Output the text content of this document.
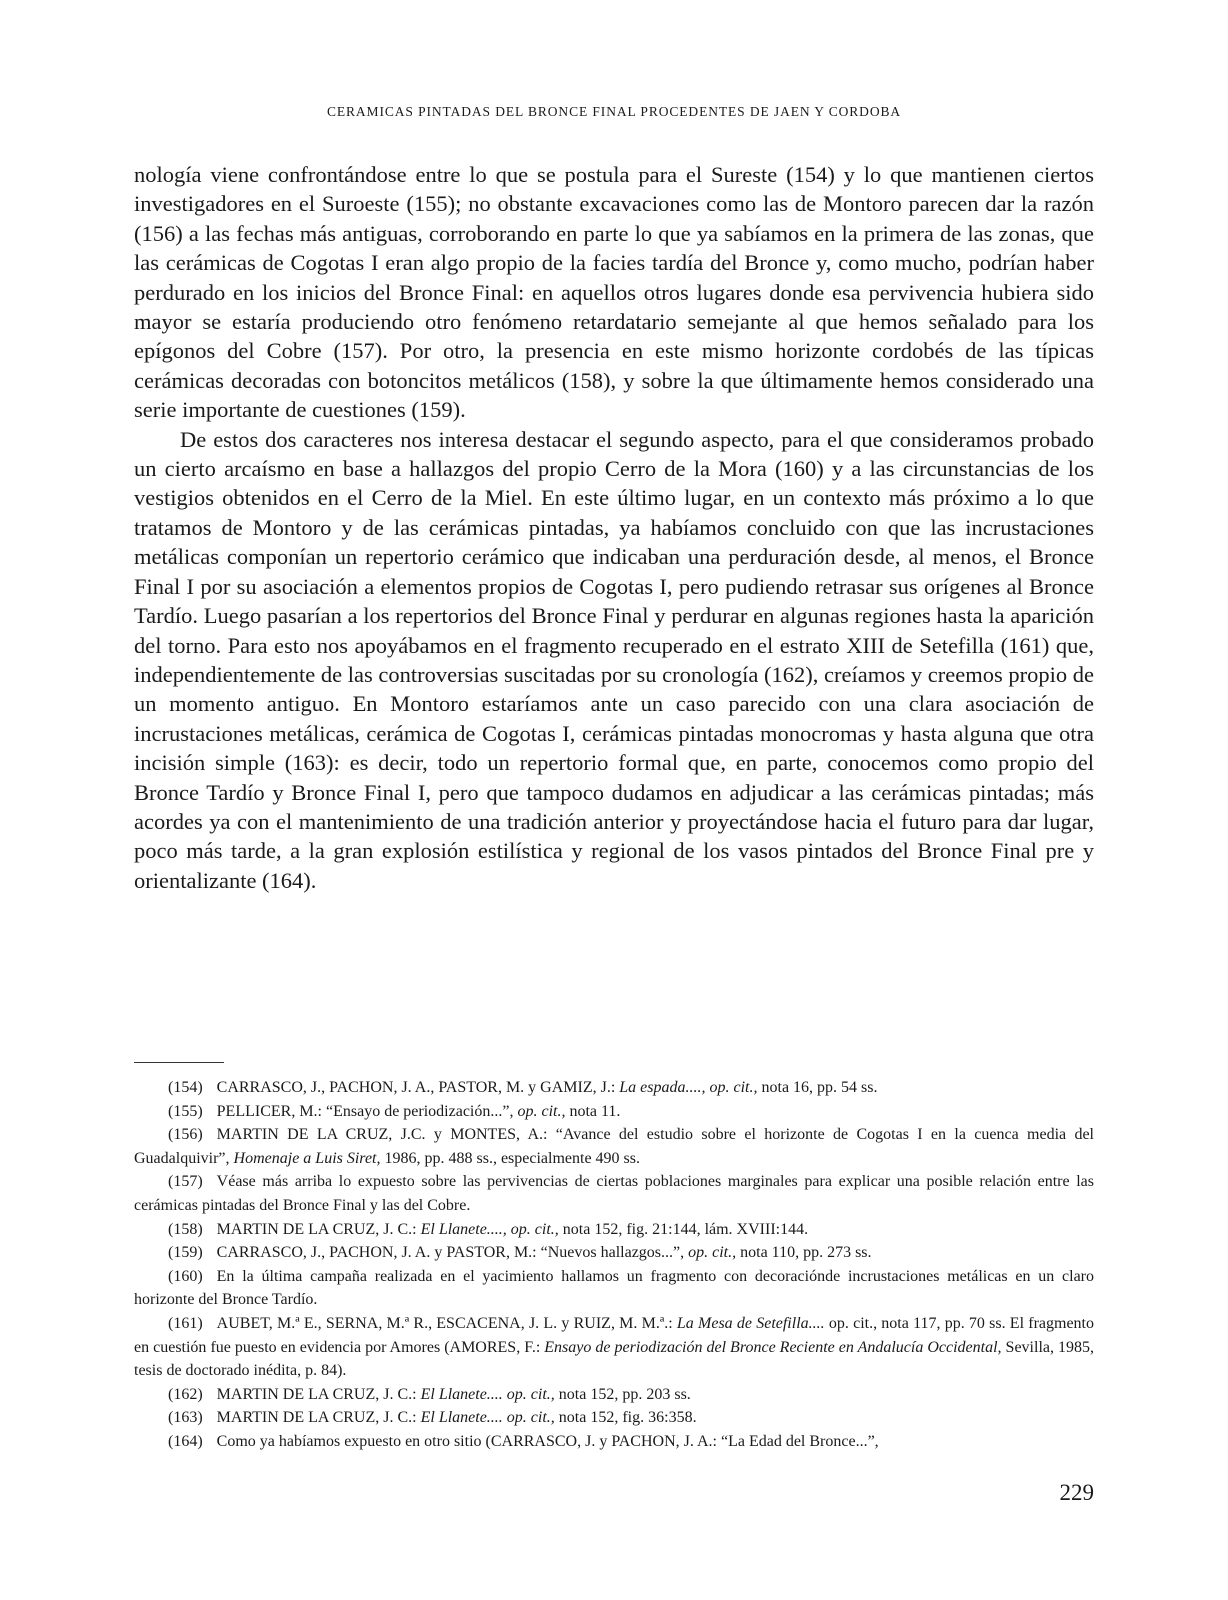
CERAMICAS PINTADAS DEL BRONCE FINAL PROCEDENTES DE JAEN Y CORDOBA

nología viene confrontándose entre lo que se postula para el Sureste (154) y lo que mantienen ciertos investigadores en el Suroeste (155); no obstante excavaciones como las de Montoro parecen dar la razón (156) a las fechas más antiguas, corroborando en parte lo que ya sabíamos en la primera de las zonas, que las cerámicas de Cogotas I eran algo propio de la facies tardía del Bronce y, como mucho, podrían haber perdurado en los inicios del Bronce Final: en aquellos otros lugares donde esa pervivencia hubiera sido mayor se estaría produciendo otro fenómeno retardatario semejante al que hemos señalado para los epígonos del Cobre (157). Por otro, la presencia en este mismo horizonte cordobés de las típicas cerámicas decoradas con botoncitos metálicos (158), y sobre la que últimamente hemos considerado una serie importante de cuestiones (159).

De estos dos caracteres nos interesa destacar el segundo aspecto, para el que consideramos probado un cierto arcaísmo en base a hallazgos del propio Cerro de la Mora (160) y a las circunstancias de los vestigios obtenidos en el Cerro de la Miel. En este último lugar, en un contexto más próximo a lo que tratamos de Montoro y de las cerámicas pintadas, ya habíamos concluido con que las incrustaciones metálicas componían un repertorio cerámico que indicaban una perduración desde, al menos, el Bronce Final I por su asociación a elementos propios de Cogotas I, pero pudiendo retrasar sus orígenes al Bronce Tardío. Luego pasarían a los repertorios del Bronce Final y perdurar en algunas regiones hasta la aparición del torno. Para esto nos apoyábamos en el fragmento recuperado en el estrato XIII de Setefilla (161) que, independientemente de las controversias suscitadas por su cronología (162), creíamos y creemos propio de un momento antiguo. En Montoro estaríamos ante un caso parecido con una clara asociación de incrustaciones metálicas, cerámica de Cogotas I, cerámicas pintadas monocromas y hasta alguna que otra incisión simple (163): es decir, todo un repertorio formal que, en parte, conocemos como propio del Bronce Tardío y Bronce Final I, pero que tampoco dudamos en adjudicar a las cerámicas pintadas; más acordes ya con el mantenimiento de una tradición anterior y proyectándose hacia el futuro para dar lugar, poco más tarde, a la gran explosión estilística y regional de los vasos pintados del Bronce Final pre y orientalizante (164).

(154) CARRASCO, J., PACHON, J. A., PASTOR, M. y GAMIZ, J.: La espada...., op. cit., nota 16, pp. 54 ss.

(155) PELLICER, M.: “Ensayo de periodización...”, op. cit., nota 11.

(156) MARTIN DE LA CRUZ, J.C. y MONTES, A.: “Avance del estudio sobre el horizonte de Cogotas I en la cuenca media del Guadalquivir”, Homenaje a Luis Siret, 1986, pp. 488 ss., especialmente 490 ss.

(157) Véase más arriba lo expuesto sobre las pervivencias de ciertas poblaciones marginales para explicar una posible relación entre las cerámicas pintadas del Bronce Final y las del Cobre.

(158) MARTIN DE LA CRUZ, J. C.: El Llanete...., op. cit., nota 152, fig. 21:144, lám. XVIII:144.

(159) CARRASCO, J., PACHON, J. A. y PASTOR, M.: “Nuevos hallazgos...”, op. cit., nota 110, pp. 273 ss.

(160) En la última campaña realizada en el yacimiento hallamos un fragmento con decoracióndе incrustaciones metálicas en un claro horizonte del Bronce Tardío.

(161) AUBET, M.ª E., SERNA, M.ª R., ESCACENA, J. L. y RUIZ, M. M.ª.: La Mesa de Setefilla.... op. cit., nota 117, pp. 70 ss. El fragmento en cuestión fue puesto en evidencia por Amores (AMORES, F.: Ensayo de periodización del Bronce Reciente en Andalucía Occidental, Sevilla, 1985, tesis de doctorado inédita, p. 84).

(162) MARTIN DE LA CRUZ, J. C.: El Llanete.... op. cit., nota 152, pp. 203 ss.

(163) MARTIN DE LA CRUZ, J. C.: El Llanete.... op. cit., nota 152, fig. 36:358.

(164) Como ya habíamos expuesto en otro sitio (CARRASCO, J. y PACHON, J. A.: “La Edad del Bronce...”,

229
